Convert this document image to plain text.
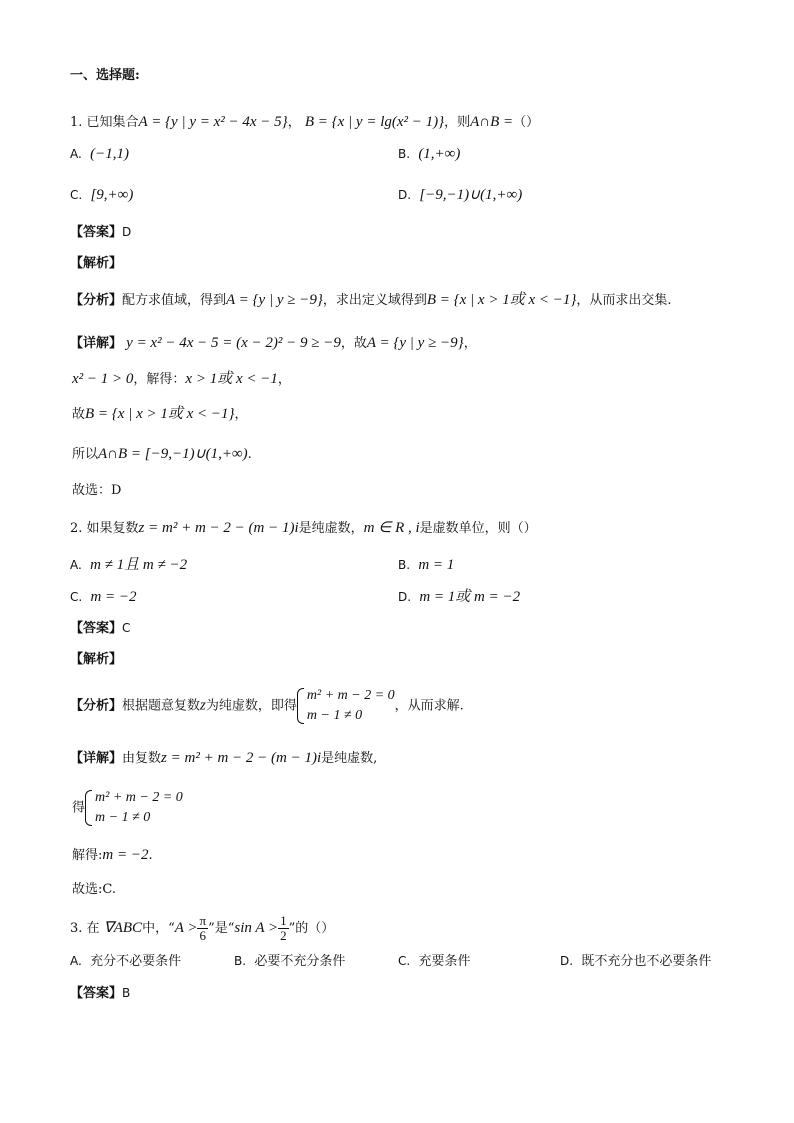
一、选择题:
1. 已知集合A = {y | y = x² − 4x − 5}， B = {x | y = lg(x² − 1)}，则A∩B =（）
A. (−1,1)	B. (1,+∞)
C. [9,+∞)	D. [−9,−1)∪(1,+∞)
【答案】D
【解析】
【分析】配方求值域，得到A = {y | y ≥ −9}，求出定义域得到B = {x | x > 1或 x < −1}，从而求出交集.
【详解】 y = x² − 4x − 5 = (x − 2)² − 9 ≥ −9，故A = {y | y ≥ −9}，
x² − 1 > 0，解得：x > 1或 x < −1，
故B = {x | x > 1或 x < −1}，
所以A∩B = [−9,−1)∪(1,+∞).
故选：D
2. 如果复数z = m² + m − 2 − (m − 1)i是纯虚数，m ∈ R , i是虚数单位，则（）
A. m ≠ 1且 m ≠ −2	B. m = 1
C. m = −2	D. m = 1或 m = −2
【答案】C
【解析】
【分析】根据题意复数z为纯虚数，即得
m² + m − 2 = 0
m − 1 ≠ 0
，从而求解.
【详解】由复数z = m² + m − 2 − (m − 1)i是纯虚数,
得
m² + m − 2 = 0
m − 1 ≠ 0
解得:m = −2.
故选:C.
3. 在 ∇ABC中，“$A > \frac{\pi}{6}$ ”是“sin $A > \frac{1}{2}$ ”的（）
A. 充分不必要条件	B. 必要不充分条件	C. 充要条件	D. 既不充分也不必要条件
【答案】B
